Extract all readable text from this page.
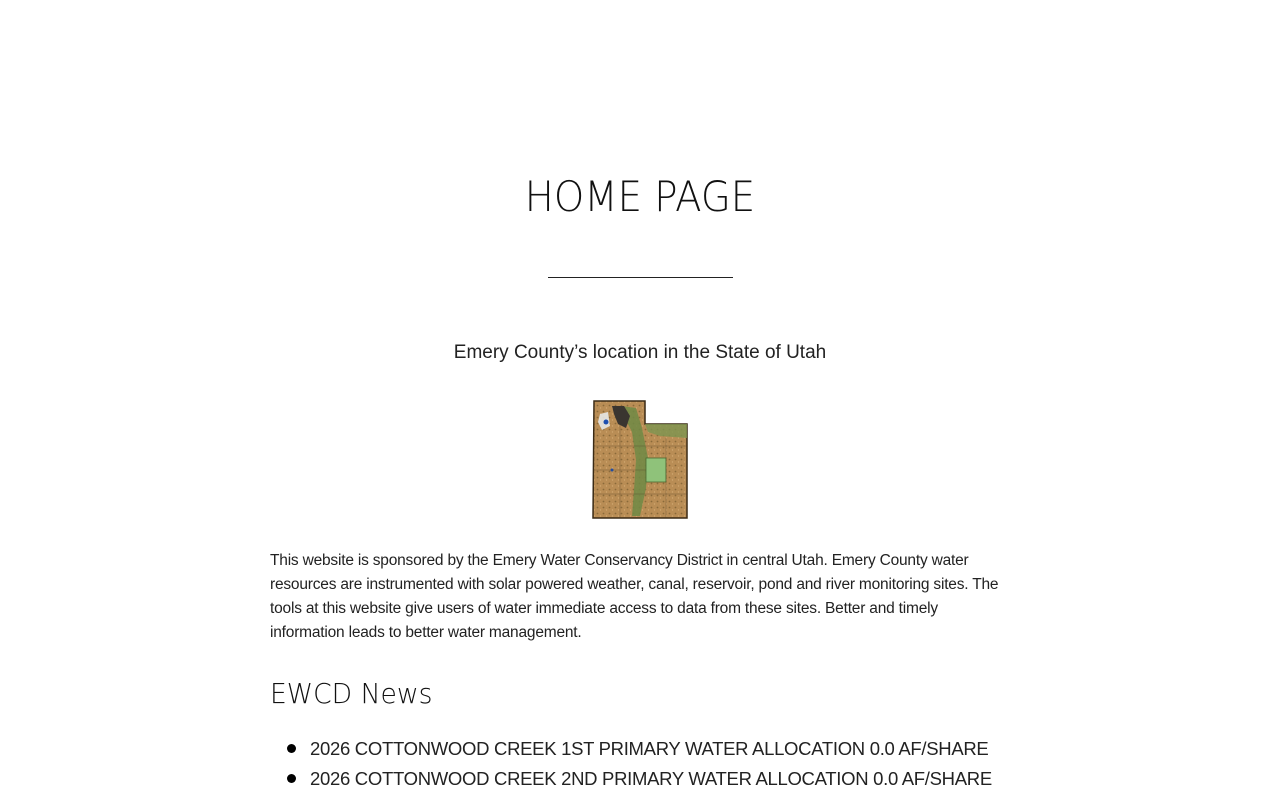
HOME PAGE
Emery County’s location in the State of Utah

This website is sponsored by the Emery Water Conservancy District in central Utah. Emery County water resources are instrumented with solar powered weather, canal, reservoir, pond and river monitoring sites. The tools at this website give users of water immediate access to data from these sites. Better and timely information leads to better water management.

EWCD News
2026 COTTONWOOD CREEK 1ST PRIMARY WATER ALLOCATION 0.0 AF/SHARE
2026 COTTONWOOD CREEK 2ND PRIMARY WATER ALLOCATION 0.0 AF/SHARE
